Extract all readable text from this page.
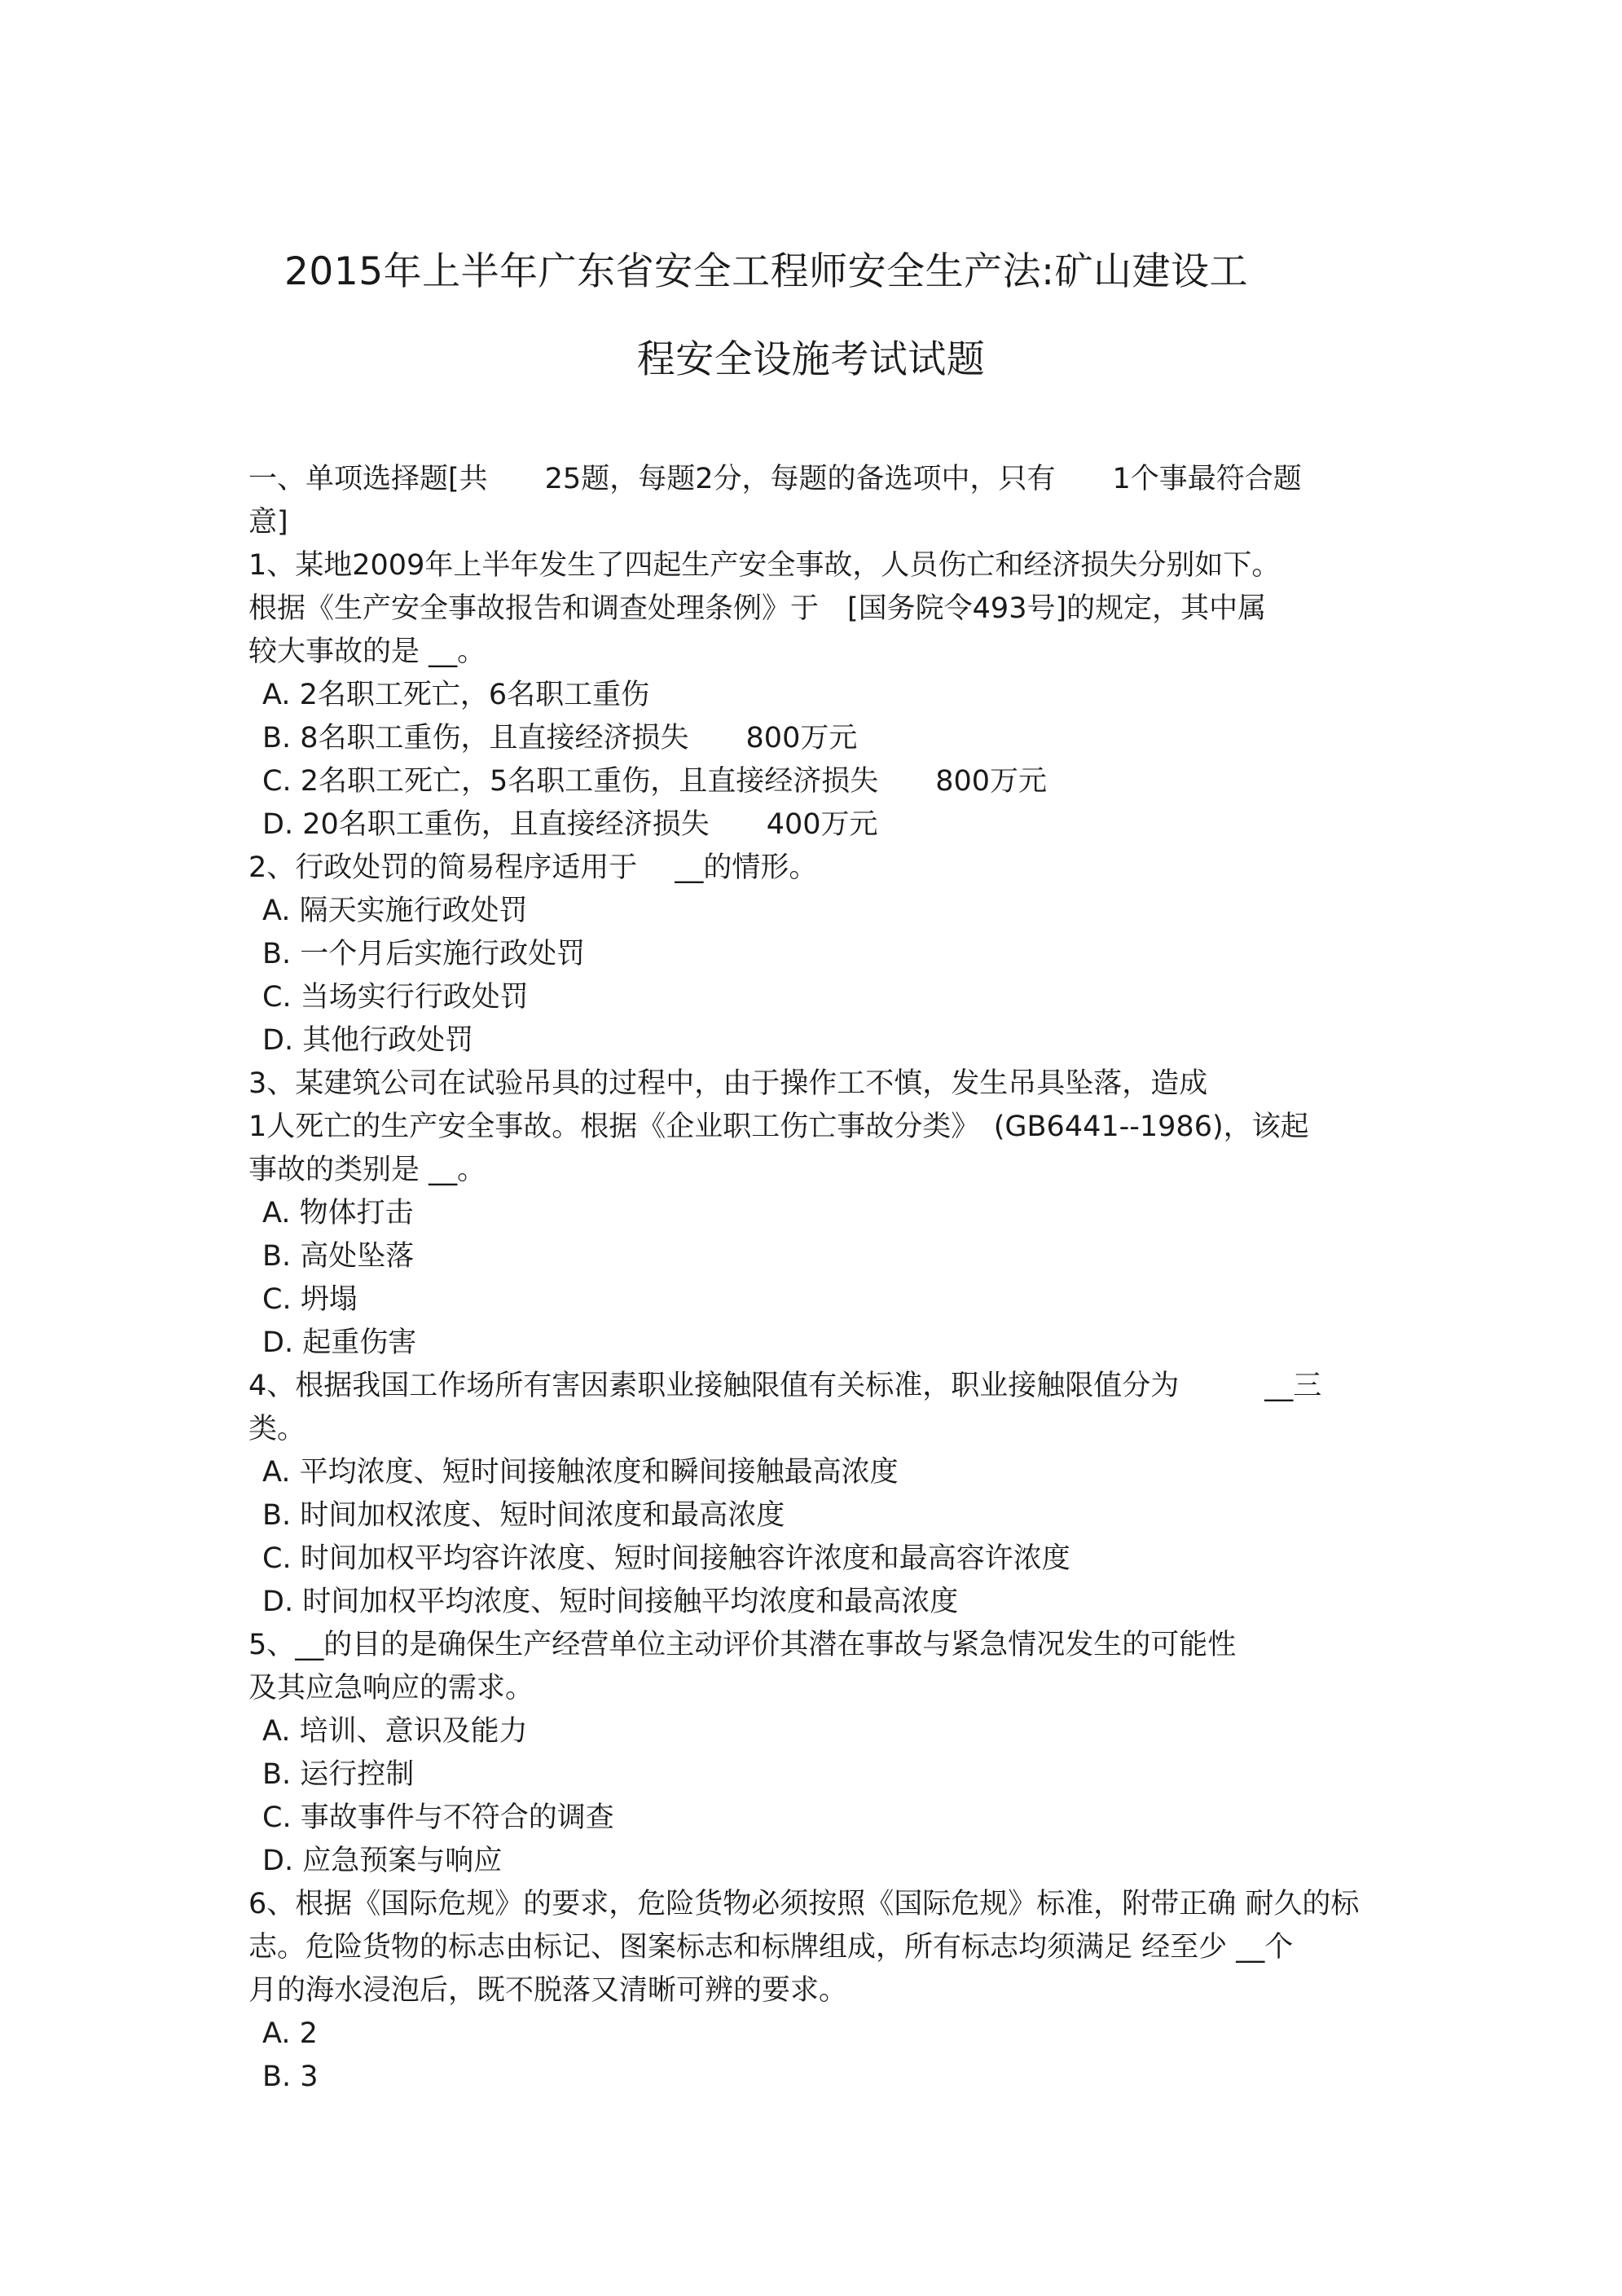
2015年上半年广东省安全工程师安全生产法:矿山建设工
程安全设施考试试题
一、单项选择题[共　　25题，每题2分，每题的备选项中，只有　　1个事最符合题
意]
1、某地2009年上半年发生了四起生产安全事故，人员伤亡和经济损失分别如下。
根据《生产安全事故报告和调查处理条例》于　[国务院令493号]的规定，其中属
较大事故的是 __。
A. 2名职工死亡，6名职工重伤
B. 8名职工重伤，且直接经济损失　　800万元
C. 2名职工死亡，5名职工重伤，且直接经济损失　　800万元
D. 20名职工重伤，且直接经济损失　　400万元
2、行政处罚的简易程序适用于　 __的情形。
A. 隔天实施行政处罚
B. 一个月后实施行政处罚
C. 当场实行行政处罚
D. 其他行政处罚
3、某建筑公司在试验吊具的过程中，由于操作工不慎，发生吊具坠落，造成
1人死亡的生产安全事故。根据《企业职工伤亡事故分类》　(GB6441--1986)，该起
事故的类别是 __。
A. 物体打击
B. 高处坠落
C. 坍塌
D. 起重伤害
4、根据我国工作场所有害因素职业接触限值有关标准，职业接触限值分为　　　__三
类。
A. 平均浓度、短时间接触浓度和瞬间接触最高浓度
B. 时间加权浓度、短时间浓度和最高浓度
C. 时间加权平均容许浓度、短时间接触容许浓度和最高容许浓度
D. 时间加权平均浓度、短时间接触平均浓度和最高浓度
5、__的目的是确保生产经营单位主动评价其潜在事故与紧急情况发生的可能性
及其应急响应的需求。
A. 培训、意识及能力
B. 运行控制
C. 事故事件与不符合的调查
D. 应急预案与响应
6、根据《国际危规》的要求，危险货物必须按照《国际危规》标准，附带正确 耐久的标
志。危险货物的标志由标记、图案标志和标牌组成，所有标志均须满足 经至少 __个
月的海水浸泡后，既不脱落又清晰可辨的要求。
A. 2
B. 3
